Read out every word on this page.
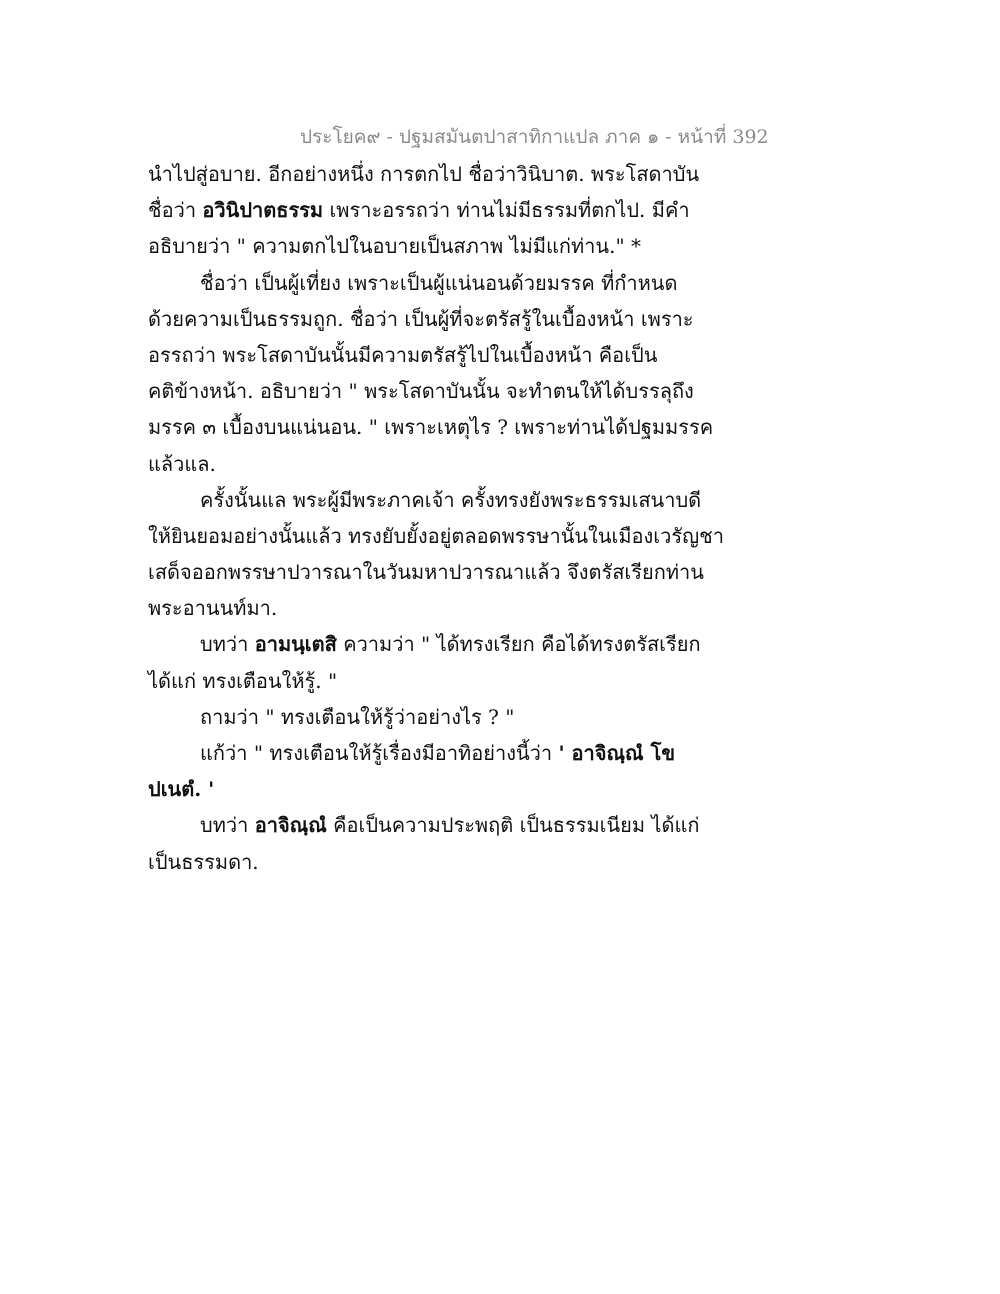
ประโยค๙ - ปฐมสมันตปาสาทิกาแปล ภาค ๑ - หน้าที่ 392
นำไปสู่อบาย. อีกอย่างหนึ่ง การตกไป ชื่อว่าวินิบาต. พระโสดาบัน
ชื่อว่า อวินิปาตธรรม เพราะอรรถว่า ท่านไม่มีธรรมที่ตกไป. มีคำ
อธิบายว่า " ความตกไปในอบายเป็นสภาพ ไม่มีแก่ท่าน." *
ชื่อว่า เป็นผู้เที่ยง เพราะเป็นผู้แน่นอนด้วยมรรค ที่กำหนด
ด้วยความเป็นธรรมถูก. ชื่อว่า เป็นผู้ที่จะตรัสรู้ในเบื้องหน้า เพราะ
อรรถว่า พระโสดาบันนั้นมีความตรัสรู้ไปในเบื้องหน้า คือเป็น
คติข้างหน้า. อธิบายว่า " พระโสดาบันนั้น จะทำตนให้ได้บรรลุถึง
มรรค ๓ เบื้องบนแน่นอน. " เพราะเหตุไร ? เพราะท่านได้ปฐมมรรค
แล้วแล.
ครั้งนั้นแล พระผู้มีพระภาคเจ้า ครั้งทรงยังพระธรรมเสนาบดี
ให้ยินยอมอย่างนั้นแล้ว ทรงยับยั้งอยู่ตลอดพรรษานั้นในเมืองเวรัญชา
เสด็จออกพรรษาปวารณาในวันมหาปวารณาแล้ว จึงตรัสเรียกท่าน
พระอานนท์มา.
บทว่า อามนฺเตสิ ความว่า " ได้ทรงเรียก คือได้ทรงตรัสเรียก
ได้แก่ ทรงเตือนให้รู้. "
ถามว่า " ทรงเตือนให้รู้ว่าอย่างไร ? "
แก้ว่า " ทรงเตือนให้รู้เรื่องมีอาทิอย่างนี้ว่า ' อาจิณฺณํ โข
ปเนตํ. '
บทว่า อาจิณฺณํ คือเป็นความประพฤติ เป็นธรรมเนียม ได้แก่
เป็นธรรมดา.
